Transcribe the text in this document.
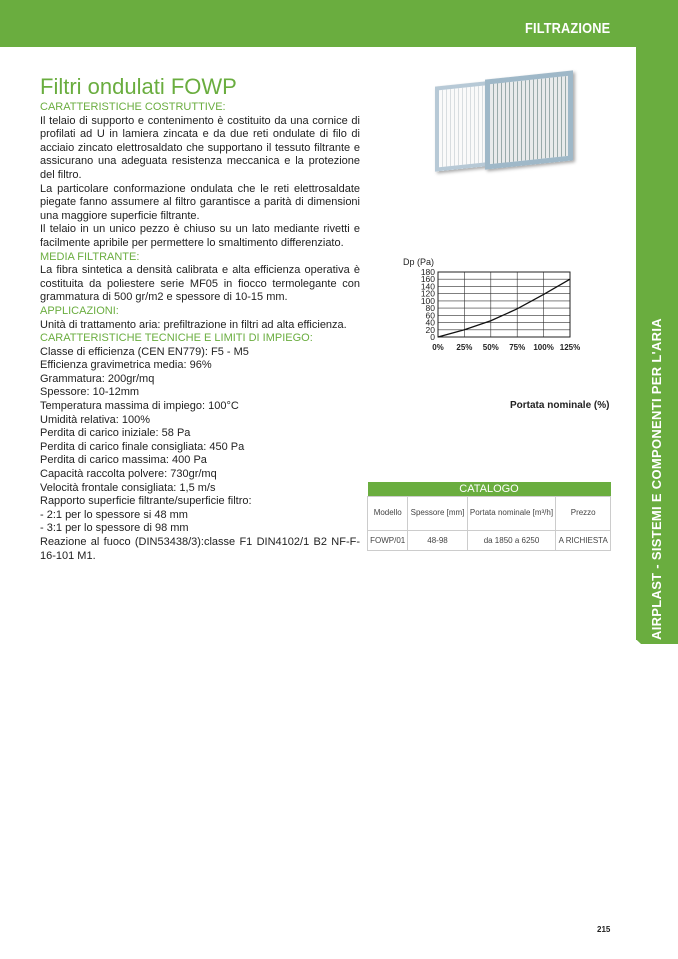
FILTRAZIONE
AIRPLAST - SISTEMI E COMPONENTI PER L'ARIA
Filtri ondulati FOWP
CARATTERISTICHE COSTRUTTIVE:
Il telaio di supporto e contenimento è costituito da una cornice di profilati ad U in lamiera zincata e da due reti ondulate di filo di acciaio zincato elettrosaldato che supportano il tessuto filtrante e assicurano una adeguata resistenza meccanica e la protezione del filtro.
La particolare conformazione ondulata che le reti elettrosaldate piegate fanno assumere al filtro garantisce a parità di dimensioni una maggiore superficie filtrante.
Il telaio in un unico pezzo è chiuso su un lato mediante rivetti e facilmente apribile per permettere lo smaltimento differenziato.
MEDIA FILTRANTE:
La fibra sintetica a densità calibrata e alta efficienza operativa è costituita da poliestere serie MF05 in fiocco termolegante con grammatura di 500 gr/m2 e spessore di 10-15 mm.
APPLICAZIONI:
Unità di trattamento aria: prefiltrazione in filtri ad alta efficienza.
CARATTERISTICHE TECNICHE E LIMITI DI IMPIEGO:
Classe di efficienza (CEN EN779): F5 - M5
Efficienza gravimetrica media: 96%
Grammatura: 200gr/mq
Spessore: 10-12mm
Temperatura massima di impiego: 100°C
Umidità relativa: 100%
Perdita di carico iniziale: 58 Pa
Perdita di carico finale consigliata: 450 Pa
Perdita di carico massima: 400 Pa
Capacità raccolta polvere: 730gr/mq
Velocità frontale consigliata: 1,5 m/s
Rapporto superficie filtrante/superficie filtro:
- 2:1 per lo spessore si 48 mm
- 3:1 per lo spessore di 98 mm
Reazione al fuoco (DIN53438/3):classe F1 DIN4102/1 B2 NF-F-16-101 M1.
Dp (Pa)
0
20
40
60
80
100
120
140
160
180
0% 25% 50% 75% 100% 125%
Portata nominale (%)
CATALOGO			
Modello	Spessore [mm]	Portata nominale [m³/h]	Prezzo
FOWP/01	48-98	da 1850 a 6250	A RICHIESTA
215
